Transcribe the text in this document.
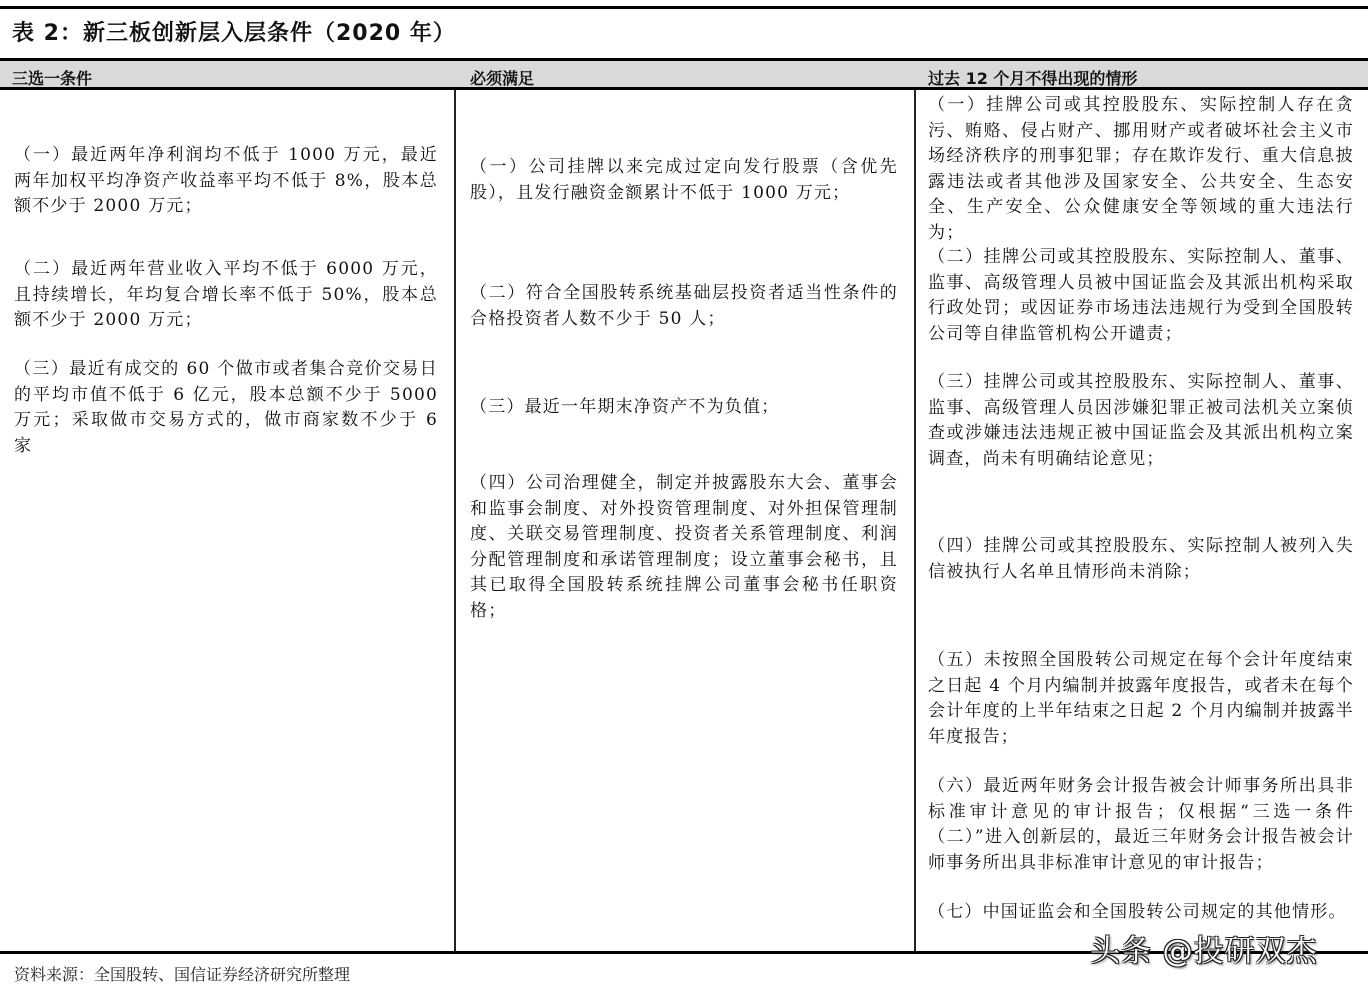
表 2：新三板创新层入层条件（2020 年）
三选一条件	必须满足	过去 12 个月不得出现的情形

（一）最近两年净利润均不低于 1000 万元，最近两年加权平均净资产收益率平均不低于 8%，股本总额不少于 2000 万元；

（二）最近两年营业收入平均不低于 6000 万元，且持续增长，年均复合增长率不低于 50%，股本总额不少于 2000 万元；

（三）最近有成交的 60 个做市或者集合竞价交易日的平均市值不低于 6 亿元，股本总额不少于 5000 万元；采取做市交易方式的，做市商家数不少于 6 家

（一）公司挂牌以来完成过定向发行股票（含优先股），且发行融资金额累计不低于 1000 万元；

（二）符合全国股转系统基础层投资者适当性条件的合格投资者人数不少于 50 人；

（三）最近一年期末净资产不为负值；

（四）公司治理健全，制定并披露股东大会、董事会和监事会制度、对外投资管理制度、对外担保管理制度、关联交易管理制度、投资者关系管理制度、利润分配管理制度和承诺管理制度；设立董事会秘书，且其已取得全国股转系统挂牌公司董事会秘书任职资格；

（一）挂牌公司或其控股股东、实际控制人存在贪污、贿赂、侵占财产、挪用财产或者破坏社会主义市场经济秩序的刑事犯罪；存在欺诈发行、重大信息披露违法或者其他涉及国家安全、公共安全、生态安全、生产安全、公众健康安全等领域的重大违法行为；

（二）挂牌公司或其控股股东、实际控制人、董事、监事、高级管理人员被中国证监会及其派出机构采取行政处罚；或因证券市场违法违规行为受到全国股转公司等自律监管机构公开谴责；

（三）挂牌公司或其控股股东、实际控制人、董事、监事、高级管理人员因涉嫌犯罪正被司法机关立案侦查或涉嫌违法违规正被中国证监会及其派出机构立案调查，尚未有明确结论意见；

（四）挂牌公司或其控股股东、实际控制人被列入失信被执行人名单且情形尚未消除；

（五）未按照全国股转公司规定在每个会计年度结束之日起 4 个月内编制并披露年度报告，或者未在每个会计年度的上半年结束之日起 2 个月内编制并披露半年度报告；

（六）最近两年财务会计报告被会计师事务所出具非标准审计意见的审计报告；仅根据“三选一条件（二）”进入创新层的，最近三年财务会计报告被会计师事务所出具非标准审计意见的审计报告；

（七）中国证监会和全国股转公司规定的其他情形。

资料来源：全国股转、国信证券经济研究所整理
头条 @投研双杰
